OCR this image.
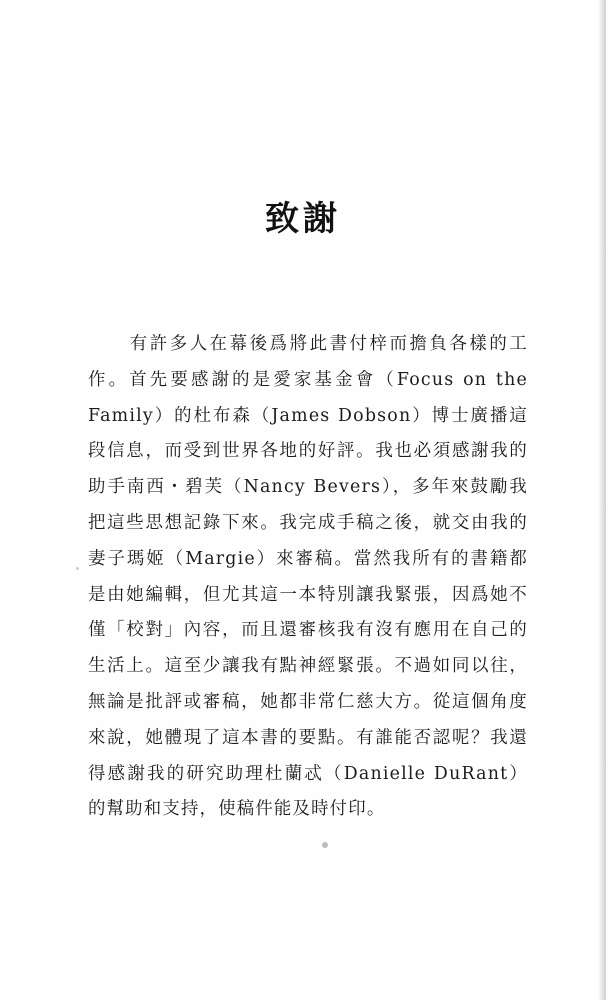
致謝

有許多人在幕後爲將此書付梓而擔負各樣的工作。首先要感謝的是愛家基金會（Focus on the Family）的杜布森（James Dobson）博士廣播這段信息，而受到世界各地的好評。我也必須感謝我的助手南西・碧芙（Nancy Bevers），多年來鼓勵我把這些思想記錄下來。我完成手稿之後，就交由我的妻子瑪姬（Margie）來審稿。當然我所有的書籍都是由她編輯，但尤其這一本特別讓我緊張，因爲她不僅「校對」內容，而且還審核我有沒有應用在自己的生活上。這至少讓我有點神經緊張。不過如同以往，無論是批評或審稿，她都非常仁慈大方。從這個角度來說，她體現了這本書的要點。有誰能否認呢？我還得感謝我的研究助理杜蘭忒（Danielle DuRant）的幫助和支持，使稿件能及時付印。
